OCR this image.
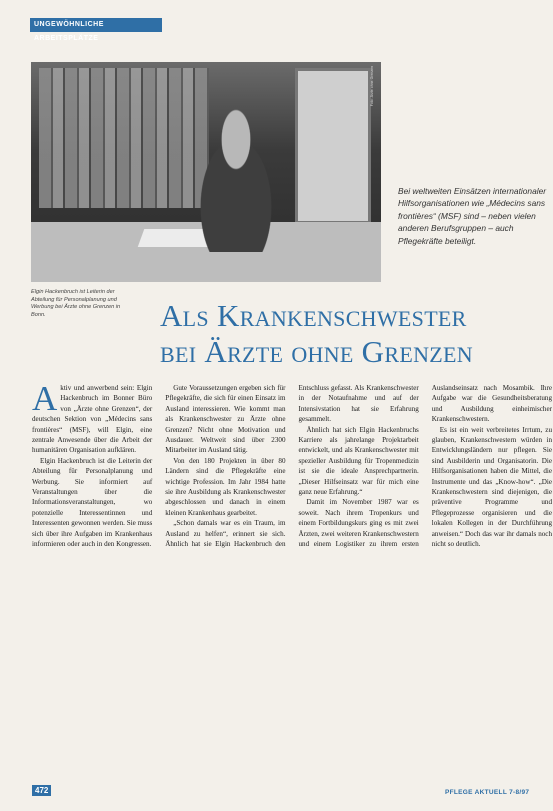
UNGEWÖHNLICHE ARBEITSPLÄTZE
Foto: Ärzte ohne Grenzen
Bei weltweiten Einsätzen internationaler Hilfsorganisationen wie „Médecins sans frontières“ (MSF) sind – neben vielen anderen Berufsgruppen – auch Pflegekräfte beteiligt.
Elgin Hackenbruch ist Leiterin der Abteilung für Personalplanung und Werbung bei Ärzte ohne Grenzen in Bonn.	Als Krankenschwester
bei Ärzte ohne Grenzen

Aktiv und anwerbend sein: Elgin Hackenbruch im Bonner Büro von „Ärzte ohne Grenzen“, der deutschen Sektion von „Médecins sans frontières“ (MSF), will Elgin, eine zentrale Anwesende über die Arbeit der humanitären Organisation aufklären.

Elgin Hackenbruch ist die Leiterin der Abteilung für Personalplanung und Werbung. Sie informiert auf Veranstaltungen über die Informationsveranstaltungen, wo potenzielle Interessentinnen und Interessenten gewonnen werden. Sie muss sich über ihre Aufgaben im Krankenhaus informieren oder auch in den Kongressen.

Gute Voraussetzungen ergeben sich für Pflegekräfte, die sich für einen Einsatz im Ausland interessieren. Wie kommt man als Krankenschwester zu Ärzte ohne Grenzen? Nicht ohne Motivation und Ausdauer. Weltweit sind über 2300 Mitarbeiter im Ausland tätig.

Von den 180 Projekten in über 80 Ländern sind die Pflegekräfte eine wichtige Profession. Im Jahr 1984 hatte sie ihre Ausbildung als Krankenschwester abgeschlossen und danach in einem kleinen Krankenhaus gearbeitet.

„Schon damals war es ein Traum, im Ausland zu helfen“, erinnert sie sich. Ähnlich hat sie Elgin Hackenbruch den Entschluss gefasst. Als Krankenschwester in der Notaufnahme und auf der Intensivstation hat sie Erfahrung gesammelt.

Ähnlich hat sich Elgin Hackenbruchs Karriere als jahrelange Projektarbeit entwickelt, und als Krankenschwester mit spezieller Ausbildung für Tropenmedizin ist sie die ideale Ansprechpartnerin. „Dieser Hilfseinsatz war für mich eine ganz neue Erfahrung.“

Damit im November 1987 war es soweit. Nach ihrem Tropenkurs und einem Fortbildungskurs ging es mit zwei Ärzten, zwei weiteren Krankenschwestern und einem Logistiker zu ihrem ersten Auslandseinsatz nach Mosambik. Ihre Aufgabe war die Gesundheitsberatung und Ausbildung einheimischer Krankenschwestern.

Es ist ein weit verbreitetes Irrtum, zu glauben, Krankenschwestern würden in Entwicklungsländern nur pflegen. Sie sind Ausbilderin und Organisatorin. Die Hilfsorganisationen haben die Mittel, die Instrumente und das „Know-how“. „Die Krankenschwestern sind diejenigen, die präventive Programme und Pflegeprozesse organisieren und die lokalen Kollegen in der Durchführung anweisen.“ Doch das war ihr damals noch nicht so deutlich.

472	PFLEGE AKTUELL 7-8/97
